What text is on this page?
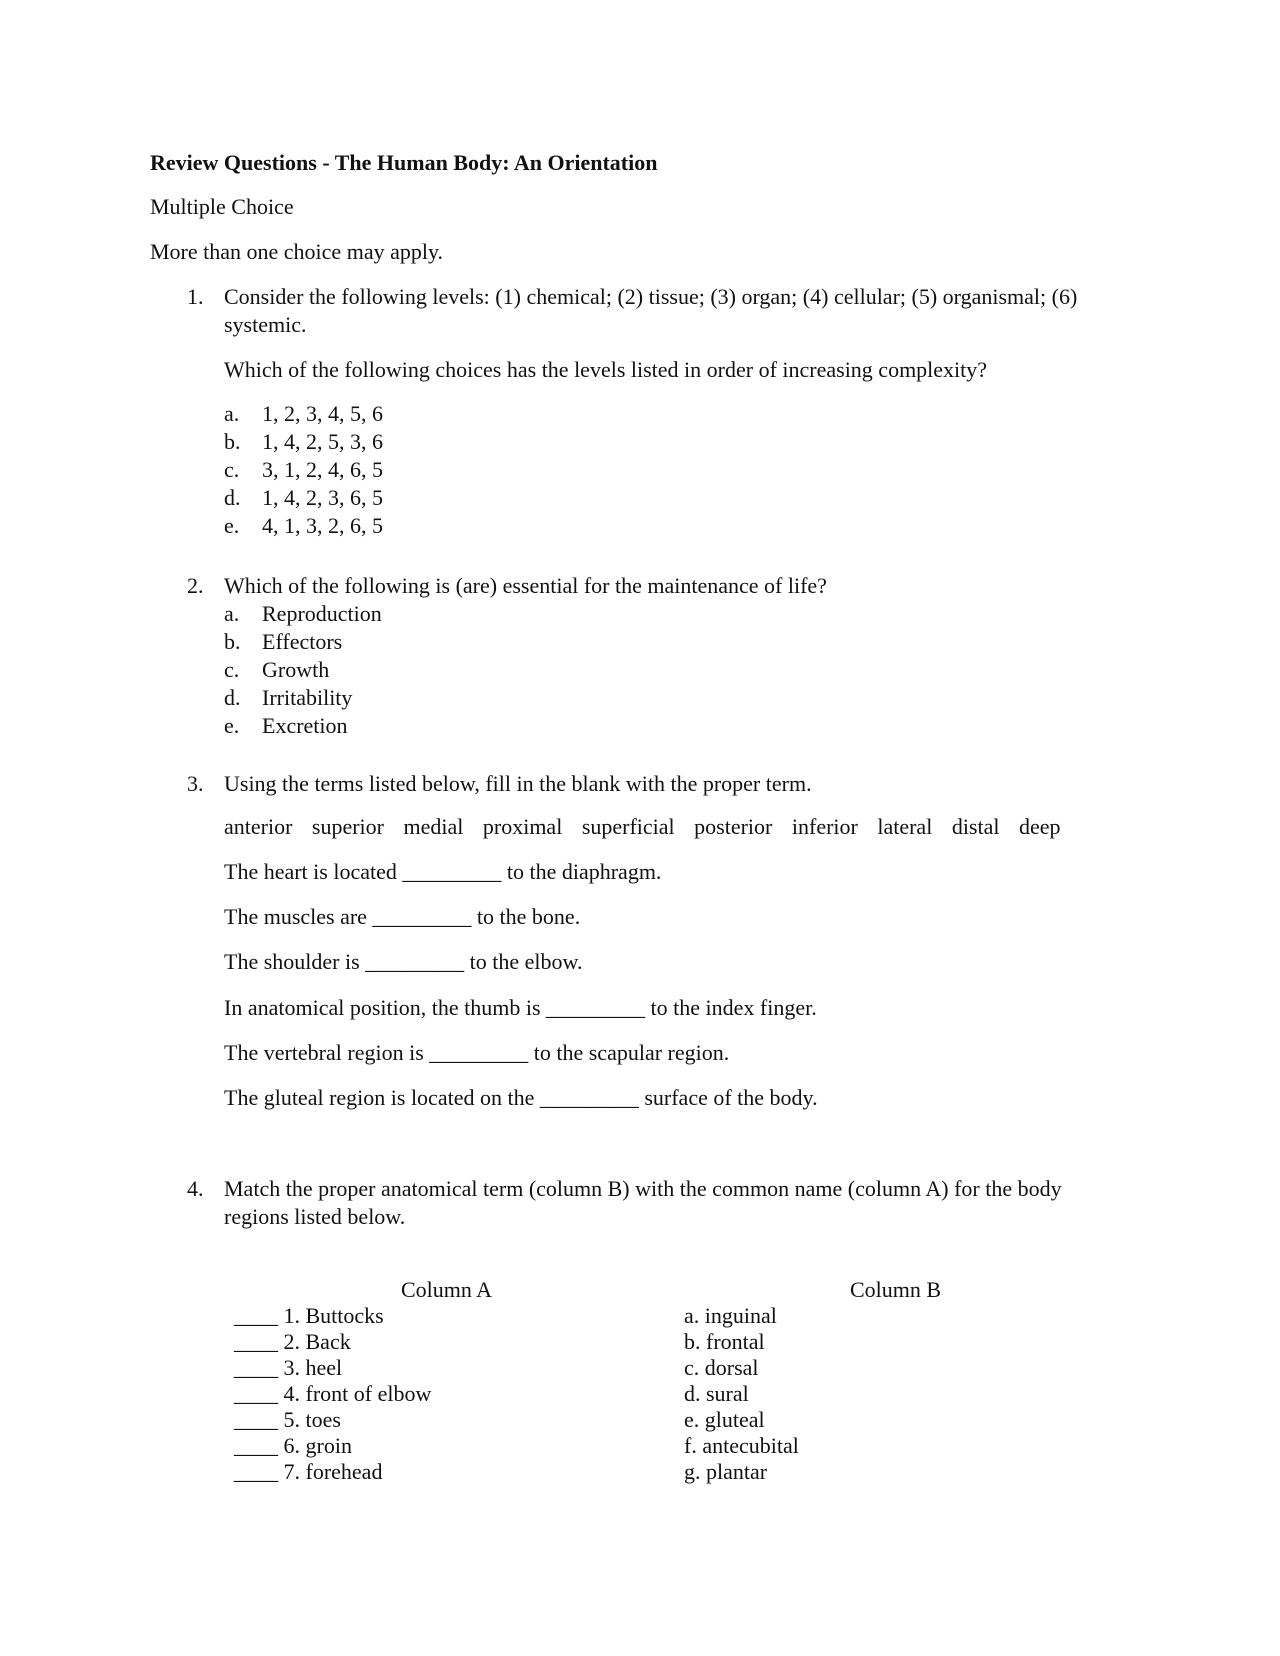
Review Questions - The Human Body: An Orientation
Multiple Choice
More than one choice may apply.
1. Consider the following levels: (1) chemical; (2) tissue; (3) organ; (4) cellular; (5) organismal; (6)
systemic.
Which of the following choices has the levels listed in order of increasing complexity?
a. 1, 2, 3, 4, 5, 6
b. 1, 4, 2, 5, 3, 6
c. 3, 1, 2, 4, 6, 5
d. 1, 4, 2, 3, 6, 5
e. 4, 1, 3, 2, 6, 5
2. Which of the following is (are) essential for the maintenance of life?
a. Reproduction
b. Effectors
c. Growth
d. Irritability
e. Excretion
3. Using the terms listed below, fill in the blank with the proper term.
anterior superior medial proximal superficial posterior inferior lateral distal deep
The heart is located _________ to the diaphragm.
The muscles are _________ to the bone.
The shoulder is _________ to the elbow.
In anatomical position, the thumb is _________ to the index finger.
The vertebral region is _________ to the scapular region.
The gluteal region is located on the _________ surface of the body.
4. Match the proper anatomical term (column B) with the common name (column A) for the body
regions listed below.
Column A	Column B
____ 1. Buttocks
____ 2. Back
____ 3. heel
____ 4. front of elbow
____ 5. toes
____ 6. groin
____ 7. forehead
a. inguinal
b. frontal
c. dorsal
d. sural
e. gluteal
f. antecubital
g. plantar
